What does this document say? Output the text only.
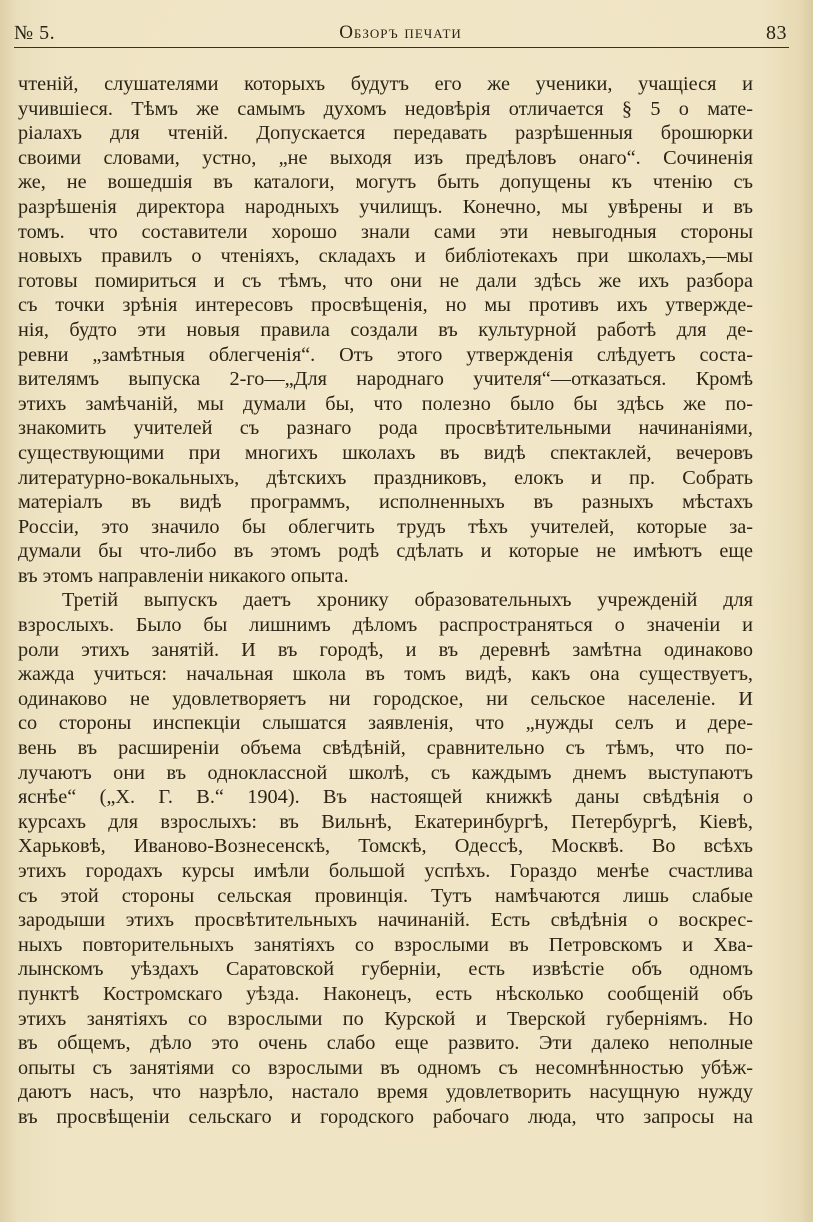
№ 5.	Обзоръ печати	83
чтеній, слушателями которыхъ будутъ его же ученики, учащіеся и
учившіеся. Тѣмъ же самымъ духомъ недовѣрія отличается § 5 о мате-
ріалахъ для чтеній. Допускается передавать разрѣшенныя брошюрки
своими словами, устно, „не выходя изъ предѣловъ онаго“. Сочиненія
же, не вошедшія въ каталоги, могутъ быть допущены къ чтенію съ
разрѣшенія директора народныхъ училищъ. Конечно, мы увѣрены и въ
томъ. что составители хорошо знали сами эти невыгодныя стороны
новыхъ правилъ о чтеніяхъ, складахъ и библіотекахъ при школахъ,—мы
готовы помириться и съ тѣмъ, что они не дали здѣсь же ихъ разбора
съ точки зрѣнія интересовъ просвѣщенія, но мы противъ ихъ утвержде-
нія, будто эти новыя правила создали въ культурной работѣ для де-
ревни „замѣтныя облегченія“. Отъ этого утвержденія слѣдуетъ соста-
вителямъ выпуска 2-го—„Для народнаго учителя“—отказаться. Кромѣ
этихъ замѣчаній, мы думали бы, что полезно было бы здѣсь же по-
знакомить учителей съ разнаго рода просвѣтительными начинаніями,
существующими при многихъ школахъ въ видѣ спектаклей, вечеровъ
литературно-вокальныхъ, дѣтскихъ праздниковъ, елокъ и пр. Собрать
матеріалъ въ видѣ программъ, исполненныхъ въ разныхъ мѣстахъ
Россіи, это значило бы облегчить трудъ тѣхъ учителей, которые за-
думали бы что-либо въ этомъ родѣ сдѣлать и которые не имѣютъ еще
въ этомъ направленіи никакого опыта.
Третій выпускъ даетъ хронику образовательныхъ учрежденій для
взрослыхъ. Было бы лишнимъ дѣломъ распространяться о значеніи и
роли этихъ занятій. И въ городѣ, и въ деревнѣ замѣтна одинаково
жажда учиться: начальная школа въ томъ видѣ, какъ она существуетъ,
одинаково не удовлетворяетъ ни городское, ни сельское населеніе. И
со стороны инспекціи слышатся заявленія, что „нужды селъ и дере-
вень въ расширеніи объема свѣдѣній, сравнительно съ тѣмъ, что по-
лучаютъ они въ одноклассной школѣ, съ каждымъ днемъ выступаютъ
яснѣе“ („Х. Г. В.“ 1904). Въ настоящей книжкѣ даны свѣдѣнія о
курсахъ для взрослыхъ: въ Вильнѣ, Екатеринбургѣ, Петербургѣ, Кіевѣ,
Харьковѣ, Иваново-Вознесенскѣ, Томскѣ, Одессѣ, Москвѣ. Во всѣхъ
этихъ городахъ курсы имѣли большой успѣхъ. Гораздо менѣе счастлива
съ этой стороны сельская провинція. Тутъ намѣчаются лишь слабые
зародыши этихъ просвѣтительныхъ начинаній. Есть свѣдѣнія о воскрес-
ныхъ повторительныхъ занятіяхъ со взрослыми въ Петровскомъ и Хва-
лынскомъ уѣздахъ Саратовской губерніи, есть извѣстіе объ одномъ
пунктѣ Костромскаго уѣзда. Наконецъ, есть нѣсколько сообщеній объ
этихъ занятіяхъ со взрослыми по Курской и Тверской губерніямъ. Но
въ общемъ, дѣло это очень слабо еще развито. Эти далеко неполные
опыты съ занятіями со взрослыми въ одномъ съ несомнѣнностью убѣж-
даютъ насъ, что назрѣло, настало время удовлетворить насущную нужду
въ просвѣщеніи сельскаго и городского рабочаго люда, что запросы на
